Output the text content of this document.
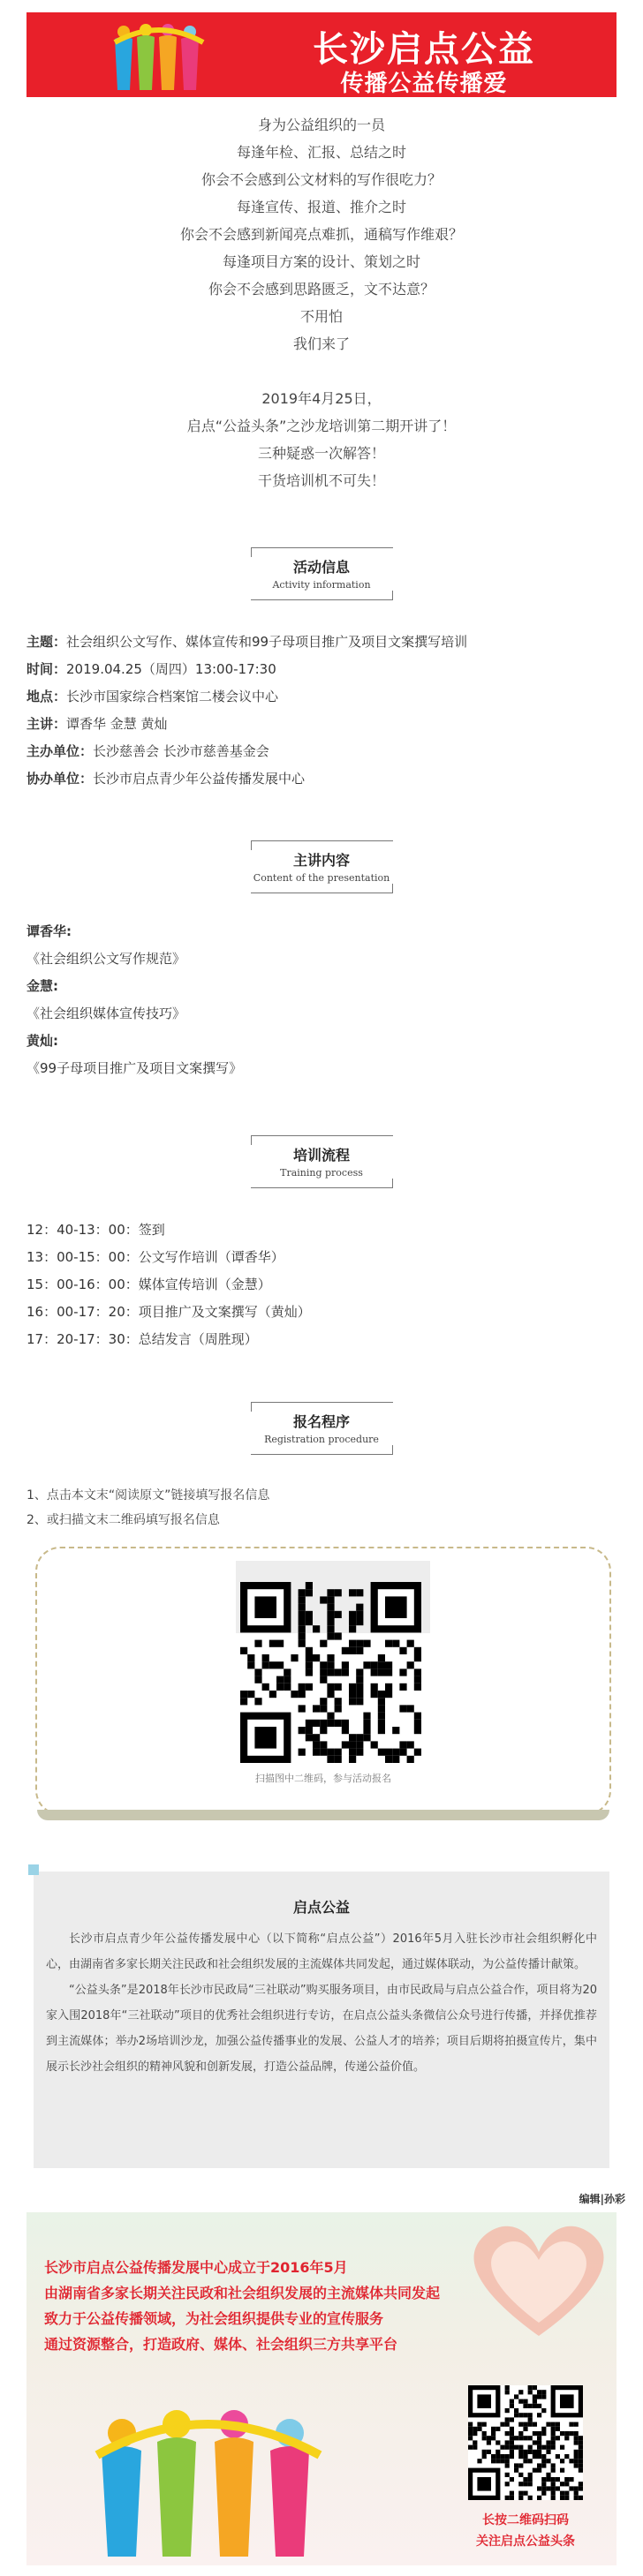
长沙启点公益
传播公益传播爱

身为公益组织的一员

每逢年检、汇报、总结之时

你会不会感到公文材料的写作很吃力？

每逢宣传、报道、推介之时

你会不会感到新闻亮点难抓，通稿写作维艰？

每逢项目方案的设计、策划之时

你会不会感到思路匮乏，文不达意？

不用怕

我们来了

2019年4月25日，

启点“公益头条”之沙龙培训第二期开讲了！

三种疑惑一次解答！

干货培训机不可失！

活动信息
Activity information

主题：社会组织公文写作、媒体宣传和99子母项目推广及项目文案撰写培训

时间：2019.04.25（周四）13:00-17:30

地点：长沙市国家综合档案馆二楼会议中心

主讲：谭香华 金慧 黄灿

主办单位：长沙慈善会 长沙市慈善基金会

协办单位：长沙市启点青少年公益传播发展中心

主讲内容
Content of the presentation

谭香华:

《社会组织公文写作规范》

金慧:

《社会组织媒体宣传技巧》

黄灿:

《99子母项目推广及项目文案撰写》

培训流程
Training process

12：40-13：00：签到

13：00-15：00：公文写作培训（谭香华）

15：00-16：00：媒体宣传培训（金慧）

16：00-17：20：项目推广及文案撰写（黄灿）

17：20-17：30：总结发言（周胜现）

报名程序
Registration procedure

1、点击本文末“阅读原文”链接填写报名信息

2、或扫描文末二维码填写报名信息

扫描图中二维码，参与活动报名
启点公益

长沙市启点青少年公益传播发展中心（以下简称“启点公益”）2016年5月入驻长沙市社会组织孵化中心，由湖南省多家长期关注民政和社会组织发展的主流媒体共同发起，通过媒体联动，为公益传播计献策。

“公益头条”是2018年长沙市民政局“三社联动”购买服务项目，由市民政局与启点公益合作，项目将为20家入围2018年“三社联动”项目的优秀社会组织进行专访，在启点公益头条微信公众号进行传播，并择优推荐到主流媒体；举办2场培训沙龙，加强公益传播事业的发展、公益人才的培养；项目后期将拍摄宣传片，集中展示长沙社会组织的精神风貌和创新发展，打造公益品牌，传递公益价值。

编辑|孙彩

长沙市启点公益传播发展中心成立于2016年5月

由湖南省多家长期关注民政和社会组织发展的主流媒体共同发起

致力于公益传播领域，为社会组织提供专业的宣传服务

通过资源整合，打造政府、媒体、社会组织三方共享平台

长按二维码扫码
关注启点公益头条
